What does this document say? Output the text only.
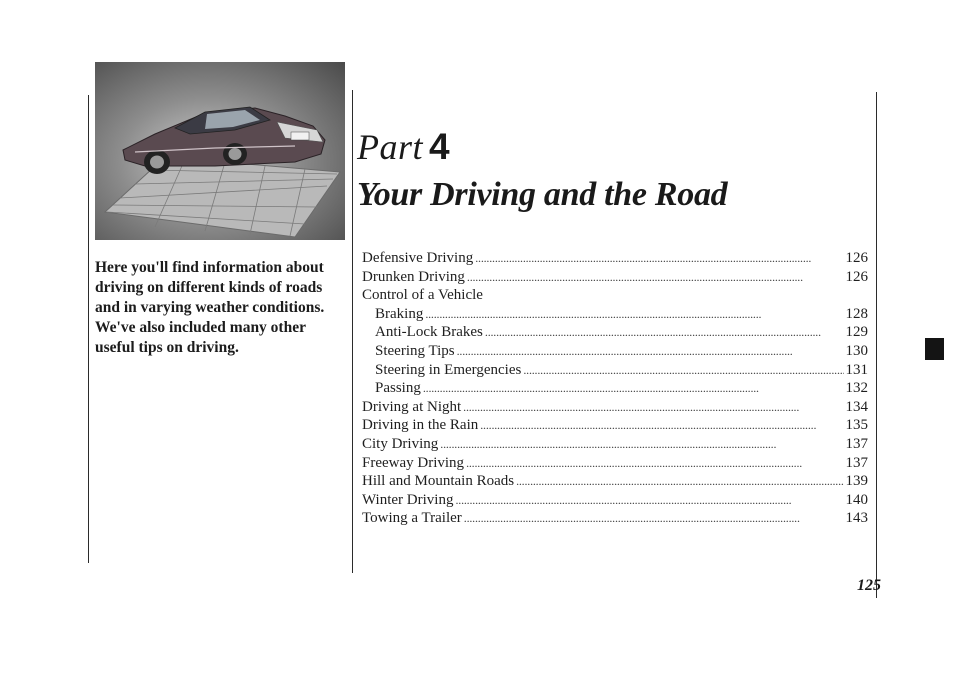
Here you'll find information about driving on different kinds of roads and in varying weather conditions. We've also included many other useful tips on driving.
Part 4
Your Driving and the Road
Defensive Driving . . .	126
Drunken Driving . . .	126
Control of a Vehicle
Braking . . .	128
Anti-Lock Brakes . . .	129
Steering Tips . . .	130
Steering in Emergencies . . .	131
Passing . . .	132
Driving at Night . . .	134
Driving in the Rain . . .	135
City Driving . . .	137
Freeway Driving . . .	137
Hill and Mountain Roads . . .	139
Winter Driving . . .	140
Towing a Trailer . . .	143
125
